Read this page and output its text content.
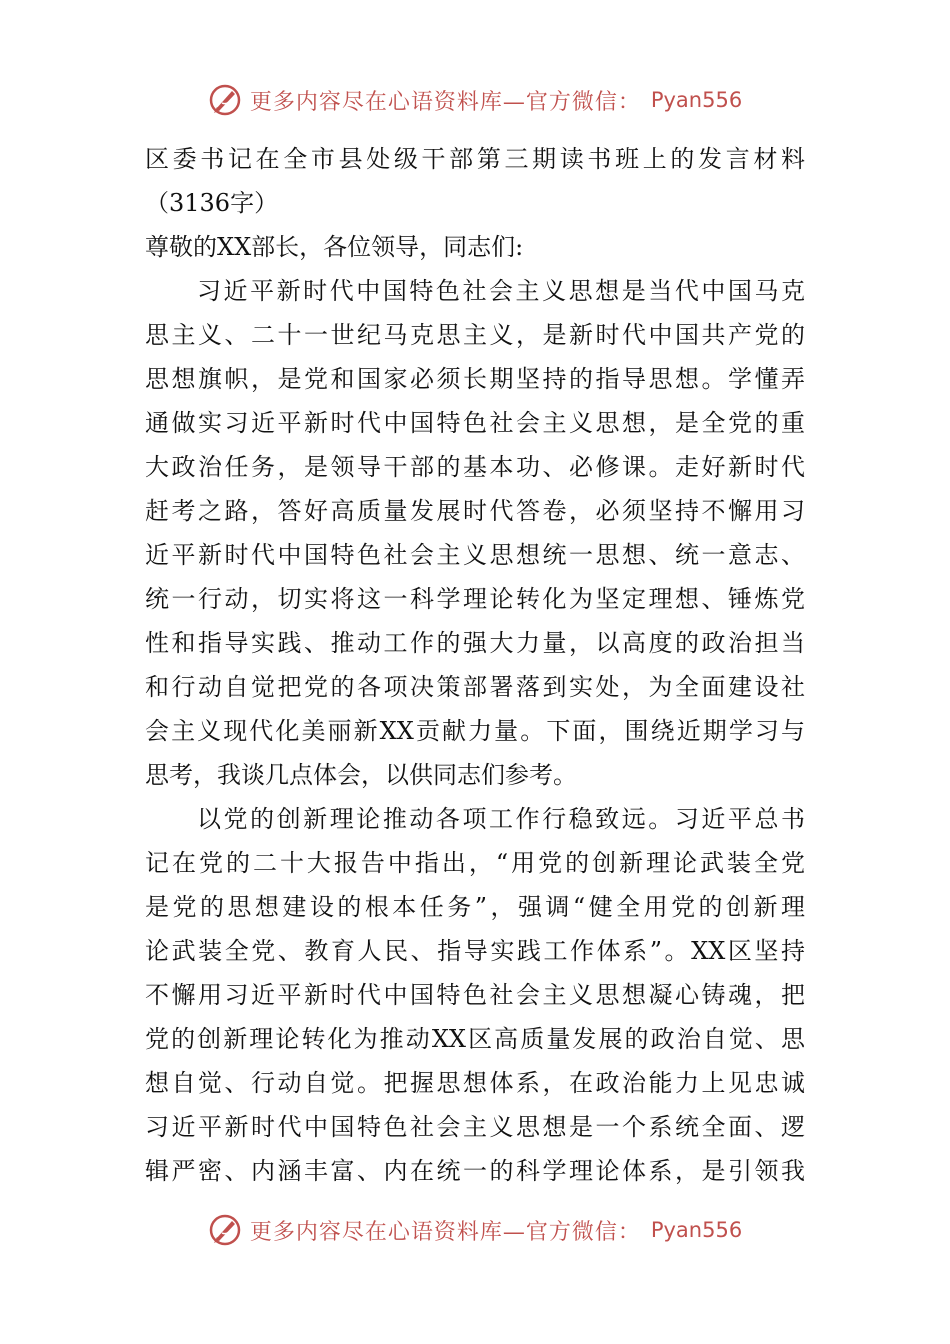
更多内容尽在心语资料库—官方微信： Pyan556
区委书记在全市县处级干部第三期读书班上的发言材料
（3136字）
尊敬的XX部长，各位领导，同志们:
习近平新时代中国特色社会主义思想是当代中国马克
思主义、二十一世纪马克思主义，是新时代中国共产党的
思想旗帜，是党和国家必须长期坚持的指导思想。学懂弄
通做实习近平新时代中国特色社会主义思想，是全党的重
大政治任务，是领导干部的基本功、必修课。走好新时代
赶考之路，答好高质量发展时代答卷，必须坚持不懈用习
近平新时代中国特色社会主义思想统一思想、统一意志、
统一行动，切实将这一科学理论转化为坚定理想、锤炼党
性和指导实践、推动工作的强大力量，以高度的政治担当
和行动自觉把党的各项决策部署落到实处，为全面建设社
会主义现代化美丽新XX贡献力量。下面，围绕近期学习与
思考，我谈几点体会，以供同志们参考。
以党的创新理论推动各项工作行稳致远。习近平总书
记在党的二十大报告中指出，“用党的创新理论武装全党
是党的思想建设的根本任务”，强调“健全用党的创新理
论武装全党、教育人民、指导实践工作体系”。XX区坚持
不懈用习近平新时代中国特色社会主义思想凝心铸魂，把
党的创新理论转化为推动XX区高质量发展的政治自觉、思
想自觉、行动自觉。把握思想体系，在政治能力上见忠诚
习近平新时代中国特色社会主义思想是一个系统全面、逻
辑严密、内涵丰富、内在统一的科学理论体系，是引领我
更多内容尽在心语资料库—官方微信： Pyan556
